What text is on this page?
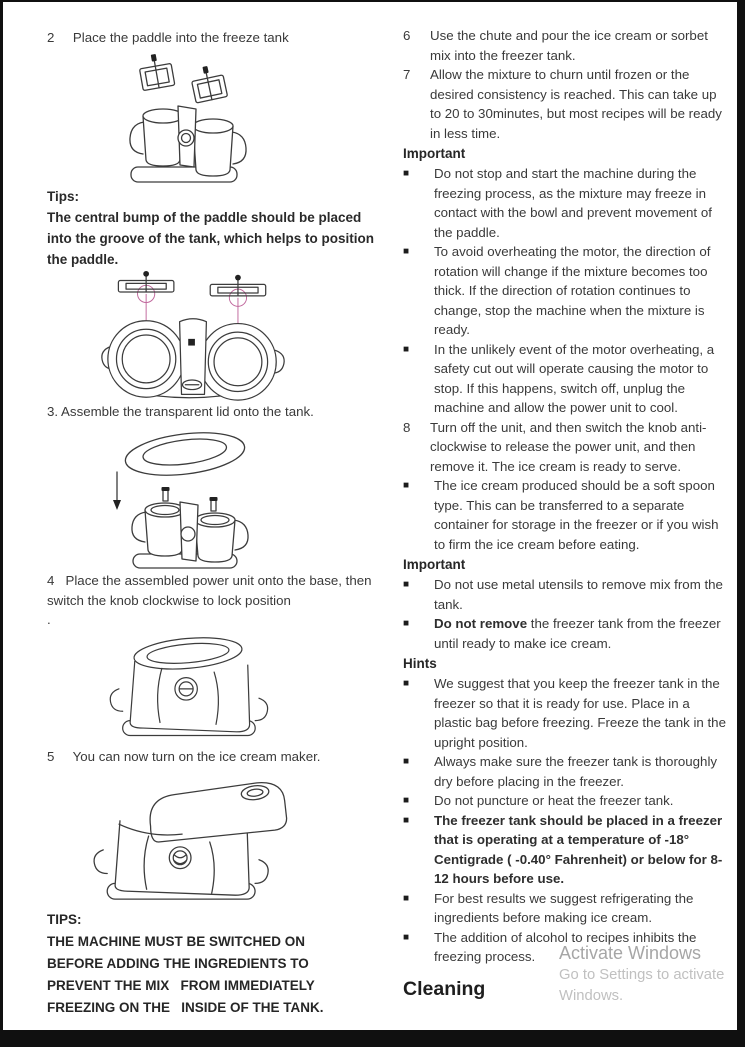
2     Place the paddle into the freeze tank
Tips:
The central bump of the paddle should be placed into the groove of the tank, which helps to position the paddle.
3. Assemble the transparent lid onto the tank.
4   Place the assembled power unit onto the base, then switch the knob clockwise to lock position
.
5     You can now turn on the ice cream maker.
TIPS:
THE MACHINE MUST BE SWITCHED ON
BEFORE ADDING THE INGREDIENTS TO
PREVENT THE MIX   FROM IMMEDIATELY
FREEZING ON THE   INSIDE OF THE TANK.
6	Use the chute and pour the ice cream or sorbet mix into the freezer tank.
7	Allow the mixture to churn until frozen or the desired consistency is reached. This can take up to 20 to 30minutes, but most recipes will be ready in less time.
Important
■	Do not stop and start the machine during the freezing process, as the mixture may freeze in contact with the bowl and prevent movement of the paddle.
■	To avoid overheating the motor, the direction of rotation will change if the mixture becomes too thick. If the direction of rotation continues to change, stop the machine when the mixture is ready.
■	In the unlikely event of the motor overheating, a safety cut out will operate causing the motor to stop. If this happens, switch off, unplug the machine and allow the power unit to cool.
8	Turn off the unit, and then switch the knob anti-clockwise to release the power unit, and then remove it. The ice cream is ready to serve.
■	The ice cream produced should be a soft spoon type. This can be transferred to a separate container for storage in the freezer or if you wish to firm the ice cream before eating.
Important
■	Do not use metal utensils to remove mix from the tank.
■	Do not remove the freezer tank from the freezer until ready to make ice cream.
Hints
■	We suggest that you keep the freezer tank in the freezer so that it is ready for use. Place in a plastic bag before freezing. Freeze the tank in the upright position.
■	Always make sure the freezer tank is thoroughly dry before placing in the freezer.
■	Do not puncture or heat the freezer tank.
■	The freezer tank should be placed in a freezer that is operating at a temperature of -18° Centigrade ( -0.40° Fahrenheit) or below for 8-12 hours before use.
■	For best results we suggest refrigerating the ingredients before making ice cream.
■	The addition of alcohol to recipes inhibits the freezing process.
Cleaning
Activate Windows
Go to Settings to activate
Windows.
